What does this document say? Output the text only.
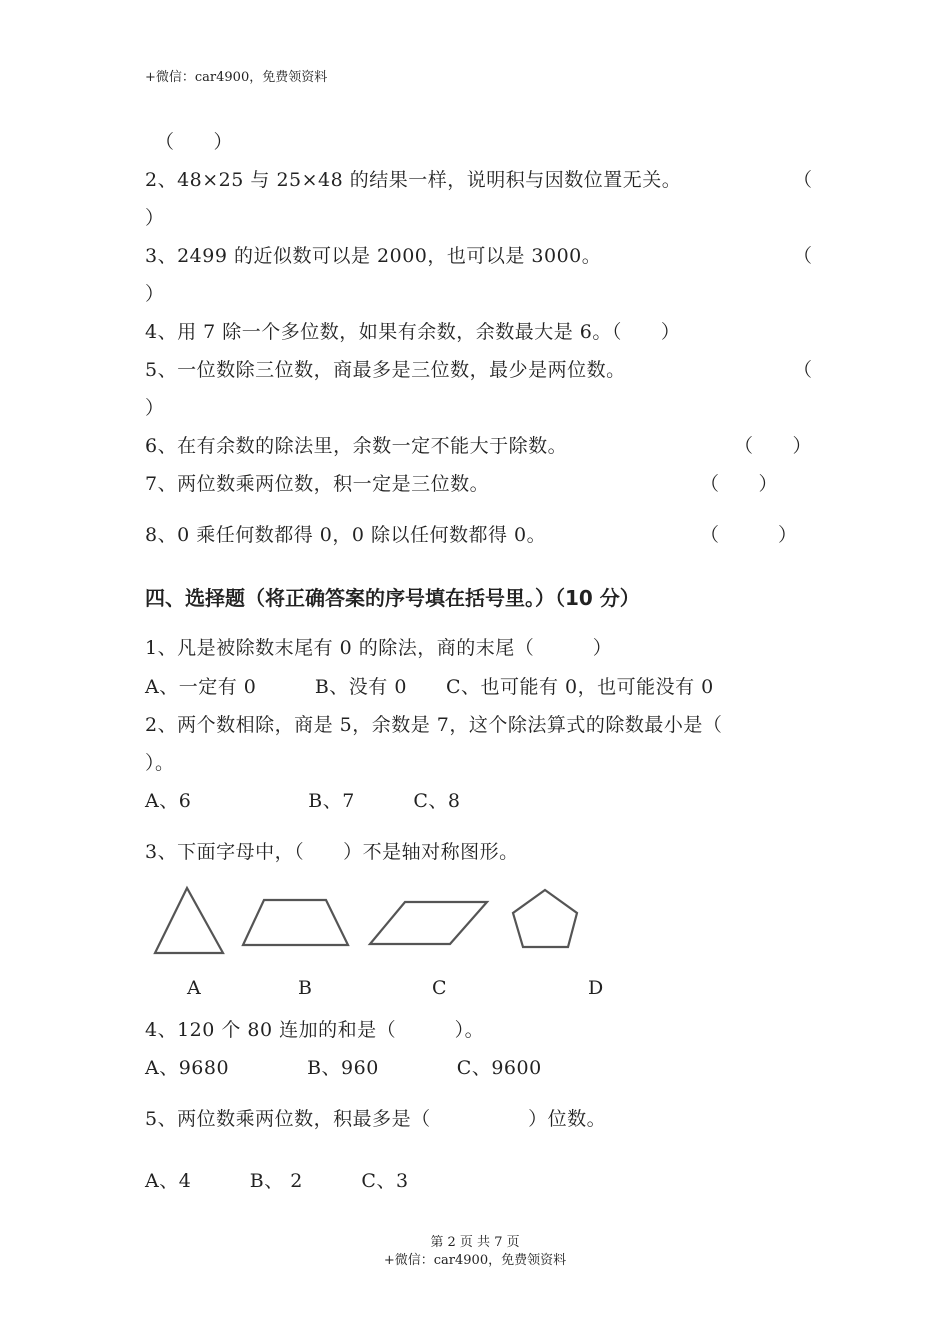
+微信：car4900，免费领资料
（　　）
2、48×25 与 25×48 的结果一样，说明积与因数位置无关。	（
）
3、2499 的近似数可以是 2000，也可以是 3000。	（
）
4、用 7 除一个多位数，如果有余数，余数最大是 6。（　　）
5、一位数除三位数，商最多是三位数，最少是两位数。	（
）
6、在有余数的除法里，余数一定不能大于除数。	（　　）
7、两位数乘两位数，积一定是三位数。	（　　）
8、0 乘任何数都得 0，0 除以任何数都得 0。	（　　　）
四、选择题（将正确答案的序号填在括号里。）（10 分）
1、凡是被除数末尾有 0 的除法，商的末尾（　　　）
A、一定有 0　　　B、没有 0　　C、也可能有 0，也可能没有 0
2、两个数相除，商是 5，余数是 7，这个除法算式的除数最小是（
）。
A、6　　　　　　B、7　　　C、8
3、下面字母中，（　　）不是轴对称图形。
A	B	C	D
4、120 个 80 连加的和是（　　　）。
A、9680　　　　B、960　　　　C、9600
5、两位数乘两位数，积最多是（　　　　　）位数。
A、4　　　B、 2　　　C、3
第 2 页 共 7 页
+微信：car4900，免费领资料
